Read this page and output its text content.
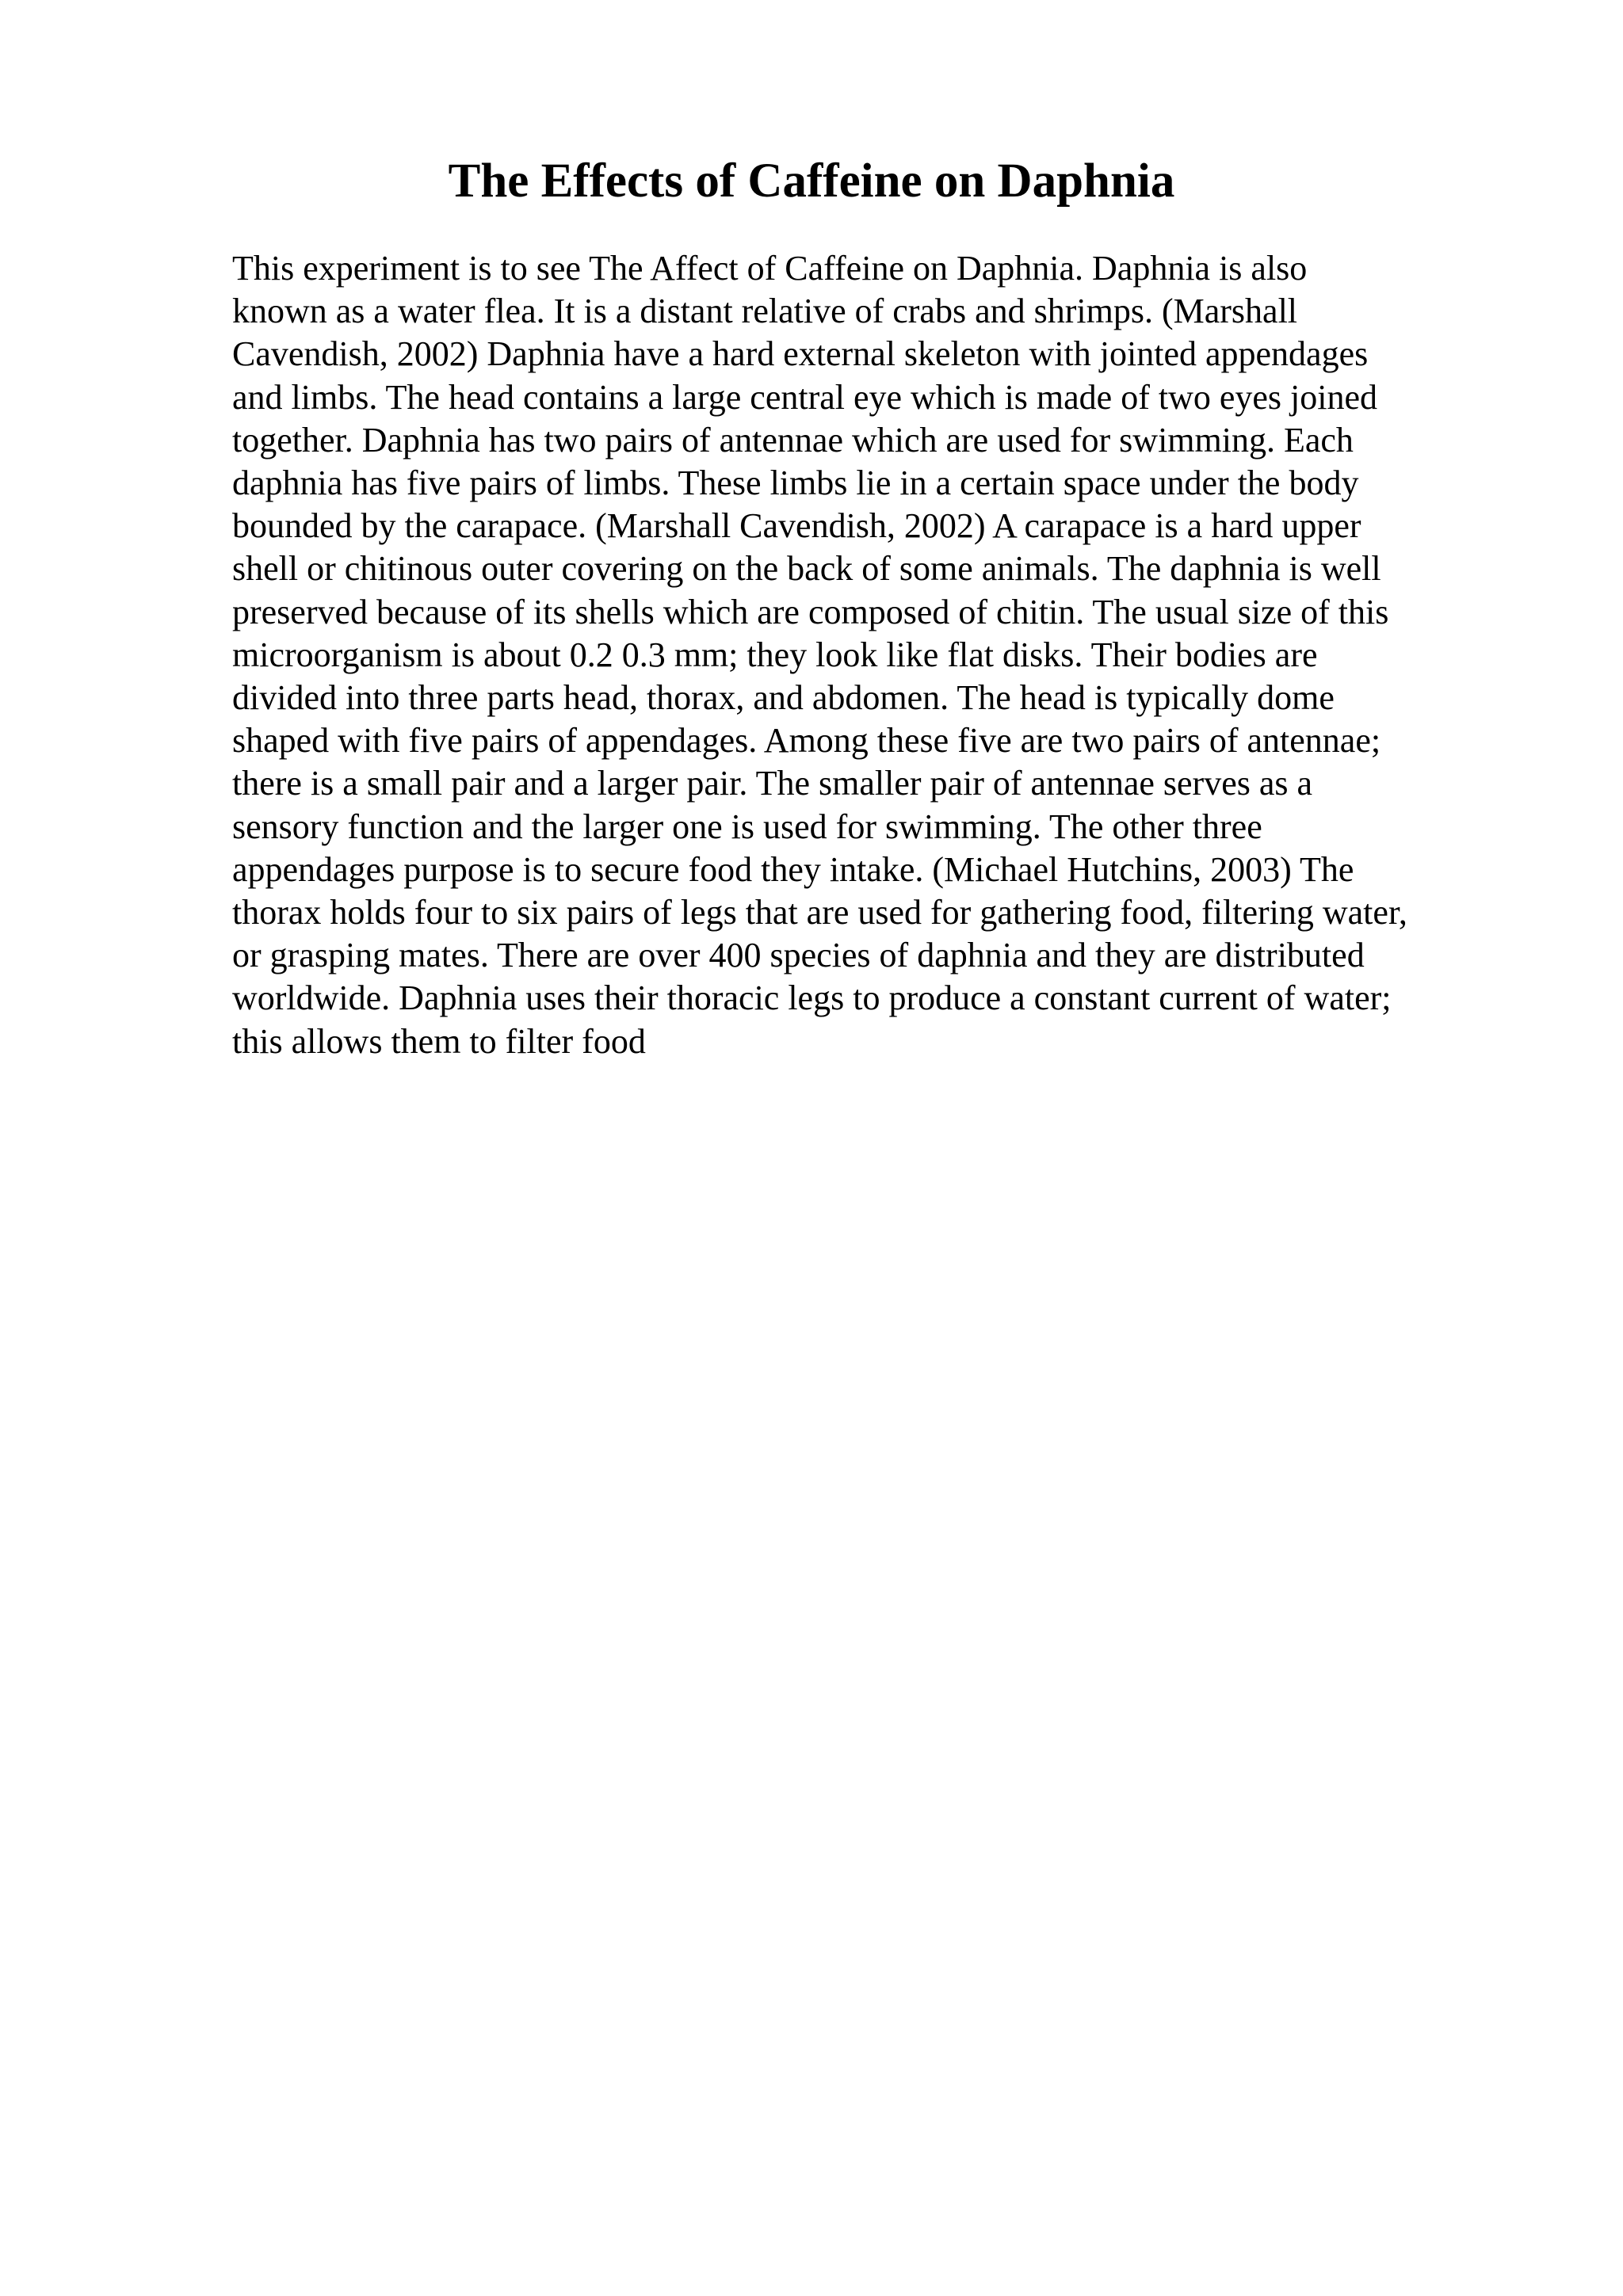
The Effects of Caffeine on Daphnia

This experiment is to see The Affect of Caffeine on Daphnia. Daphnia is also
known as a water flea. It is a distant relative of crabs and shrimps. (Marshall
Cavendish, 2002) Daphnia have a hard external skeleton with jointed appendages
and limbs. The head contains a large central eye which is made of two eyes joined
together. Daphnia has two pairs of antennae which are used for swimming. Each
daphnia has five pairs of limbs. These limbs lie in a certain space under the body
bounded by the carapace. (Marshall Cavendish, 2002) A carapace is a hard upper
shell or chitinous outer covering on the back of some animals. The daphnia is well
preserved because of its shells which are composed of chitin. The usual size of this
microorganism is about 0.2 0.3 mm; they look like flat disks. Their bodies are
divided into three parts head, thorax, and abdomen. The head is typically dome
shaped with five pairs of appendages. Among these five are two pairs of antennae;
there is a small pair and a larger pair. The smaller pair of antennae serves as a
sensory function and the larger one is used for swimming. The other three
appendages purpose is to secure food they intake. (Michael Hutchins, 2003) The
thorax holds four to six pairs of legs that are used for gathering food, filtering water,
or grasping mates. There are over 400 species of daphnia and they are distributed
worldwide. Daphnia uses their thoracic legs to produce a constant current of water;
this allows them to filter food
